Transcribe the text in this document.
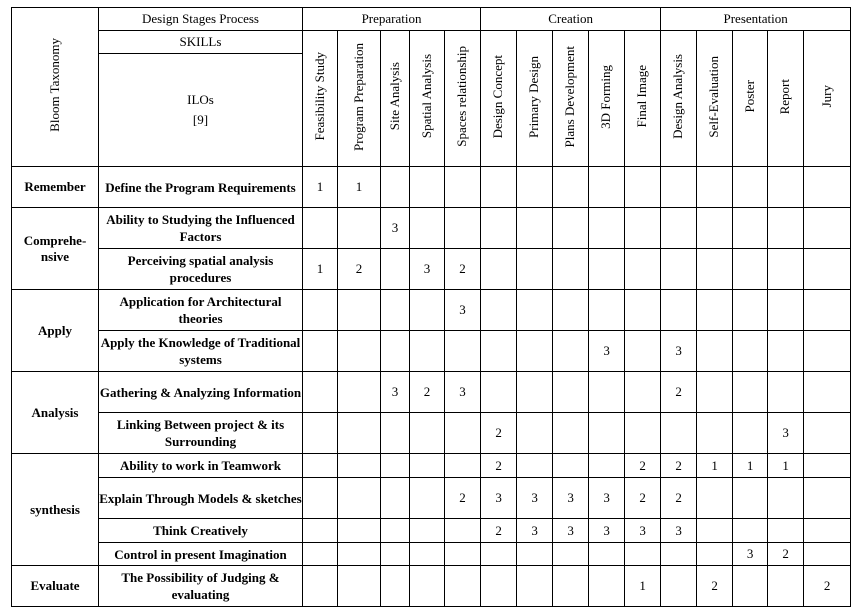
Bloom Taxonomy	Design Stages Process	Preparation					Creation					Presentation				
	SKILLs	Feasibility Study	Program Preparation	Site Analysis	Spatial Analysis	Spaces relationship	Design Concept	Primary Design	Plans Development	3D Forming	Final Image	Design Analysis	Self-Evaluation	Poster	Report	Jury

	ILOs
[9]															

Remember	Define the Program Requirements	1	1													
Comprehe-nsive	Ability to Studying the Influenced Factors			3												
	Perceiving spatial analysis procedures	1	2		3	2										
Apply	Application for Architectural theories					3										
	Apply the Knowledge of Traditional systems									3		3				
Analysis	Gathering & Analyzing Information			3	2	3						2				
	Linking Between project & its Surrounding						2								3	
synthesis	Ability to work in Teamwork						2				2	2	1	1	1	
	Explain Through Models & sketches					2	3	3	3	3	2	2				
	Think Creatively						2	3	3	3	3	3				
	Control in present Imagination													3	2	
Evaluate	The Possibility of Judging & evaluating										1		2			2
